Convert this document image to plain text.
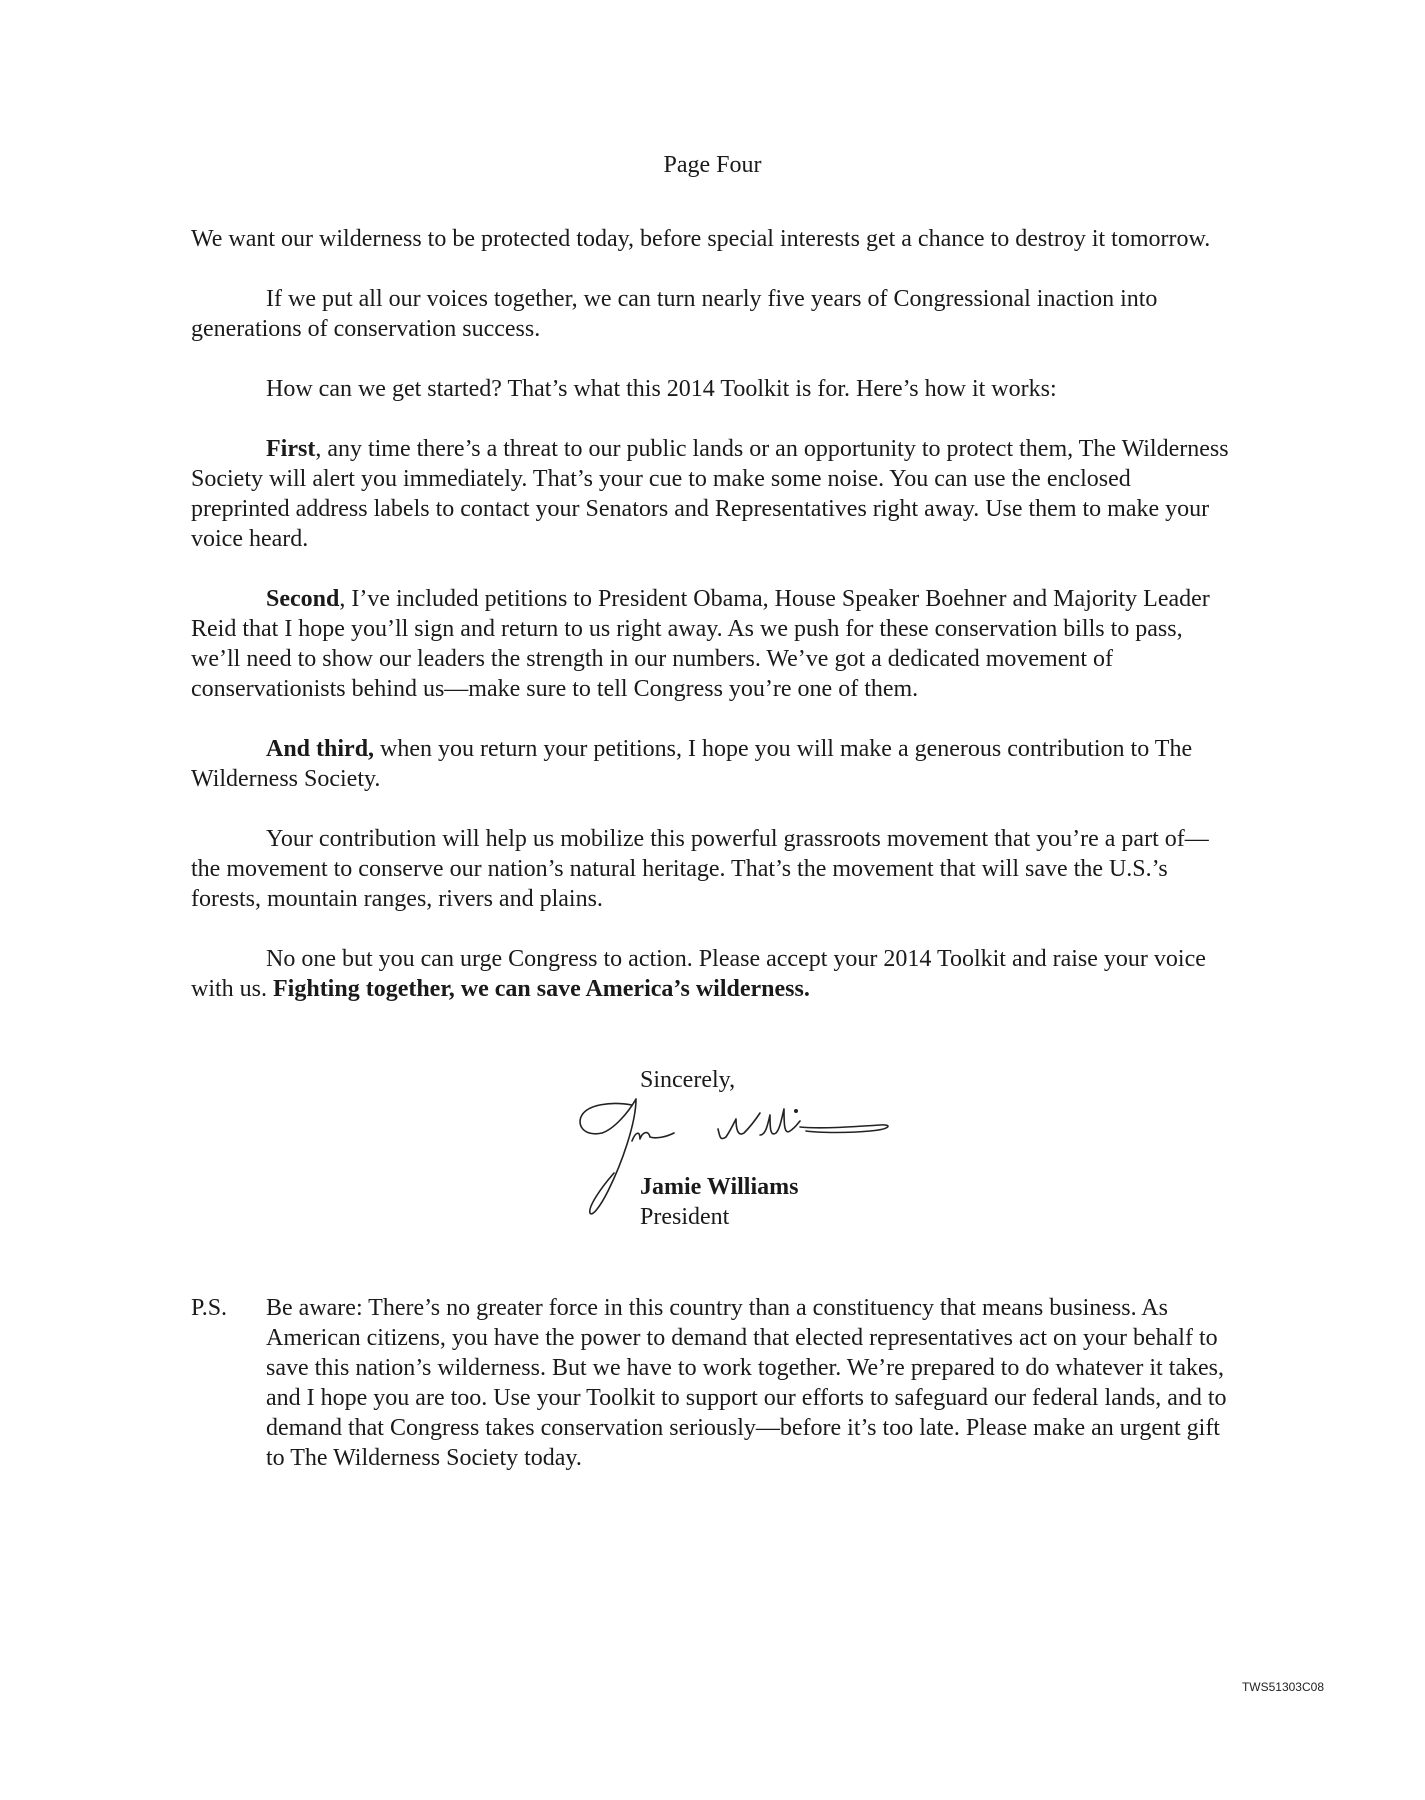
Page Four

We want our wilderness to be protected today, before special interests get a chance to destroy it tomorrow.

If we put all our voices together, we can turn nearly five years of Congressional inaction into generations of conservation success.

How can we get started? That’s what this 2014 Toolkit is for. Here’s how it works:

First, any time there’s a threat to our public lands or an opportunity to protect them, The Wilderness Society will alert you immediately. That’s your cue to make some noise. You can use the enclosed preprinted address labels to contact your Senators and Representatives right away. Use them to make your voice heard.

Second, I’ve included petitions to President Obama, House Speaker Boehner and Majority Leader Reid that I hope you’ll sign and return to us right away. As we push for these conservation bills to pass, we’ll need to show our leaders the strength in our numbers. We’ve got a dedicated movement of conservationists behind us—make sure to tell Congress you’re one of them.

And third, when you return your petitions, I hope you will make a generous contribution to The Wilderness Society.

Your contribution will help us mobilize this powerful grassroots movement that you’re a part of—the movement to conserve our nation’s natural heritage. That’s the movement that will save the U.S.’s forests, mountain ranges, rivers and plains.

No one but you can urge Congress to action. Please accept your 2014 Toolkit and raise your voice with us. Fighting together, we can save America’s wilderness.

Sincerely,
Jamie Williams
President
P.S.	Be aware: There’s no greater force in this country than a constituency that means business. As American citizens, you have the power to demand that elected representatives act on your behalf to save this nation’s wilderness. But we have to work together. We’re prepared to do whatever it takes, and I hope you are too. Use your Toolkit to support our efforts to safeguard our federal lands, and to demand that Congress takes conservation seriously—before it’s too late. Please make an urgent gift to The Wilderness Society today.
TWS51303C08
